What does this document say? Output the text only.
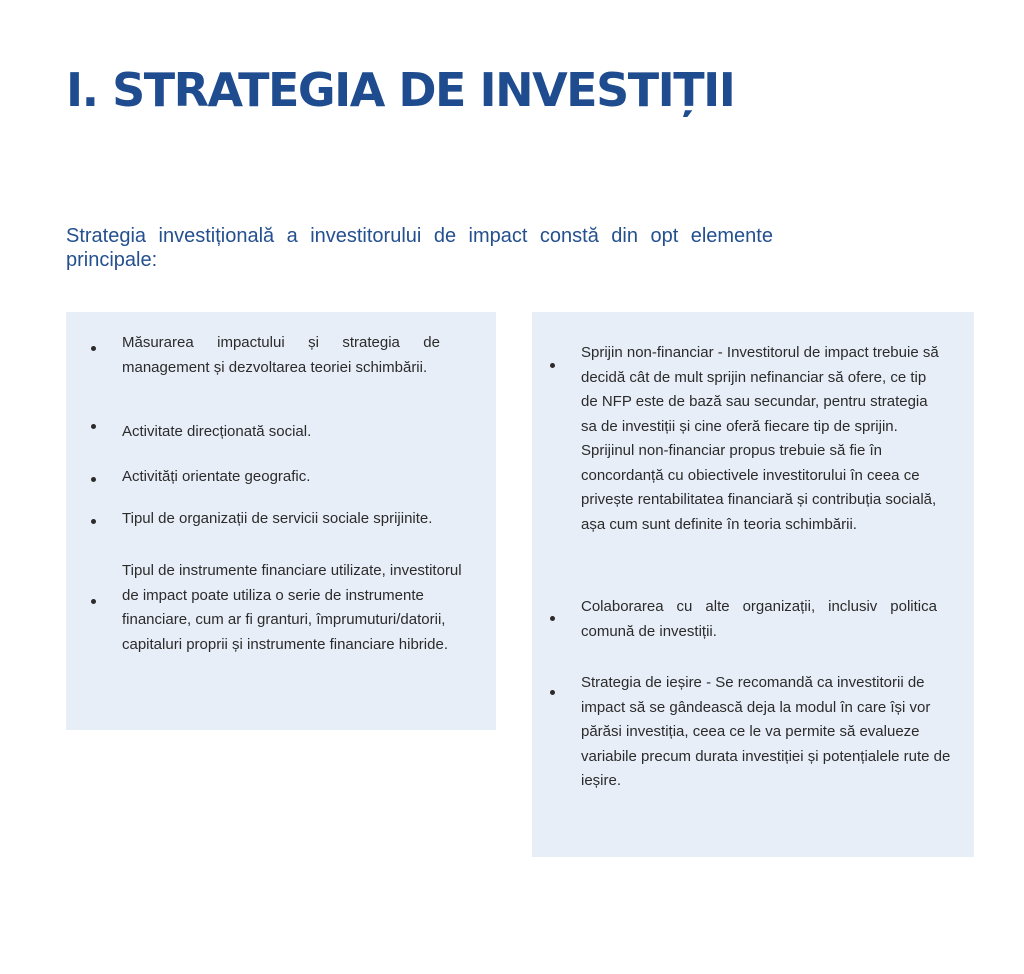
I. STRATEGIA DE INVESTIȚII

Strategia investițională a investitorului de impact constă din opt elemente principale:

Măsurarea impactului și strategia de management și dezvoltarea teoriei schimbării.
Activitate direcționată social.
Activități orientate geografic.
Tipul de organizații de servicii sociale sprijinite.
Tipul de instrumente financiare utilizate, investitorul de impact poate utiliza o serie de instrumente financiare, cum ar fi granturi, împrumuturi/datorii, capitaluri proprii și instrumente financiare hibride.
Sprijin non-financiar - Investitorul de impact trebuie să decidă cât de mult sprijin nefinanciar să ofere, ce tip de NFP este de bază sau secundar, pentru strategia sa de investiții și cine oferă fiecare tip de sprijin. Sprijinul non-financiar propus trebuie să fie în concordanță cu obiectivele investitorului în ceea ce privește rentabilitatea financiară și contribuția socială, așa cum sunt definite în teoria schimbării.
Colaborarea cu alte organizații, inclusiv politica comună de investiții.
Strategia de ieșire - Se recomandă ca investitorii de impact să se gândească deja la modul în care își vor părăsi investiția, ceea ce le va permite să evalueze variabile precum durata investiției și potențialele rute de ieșire.
